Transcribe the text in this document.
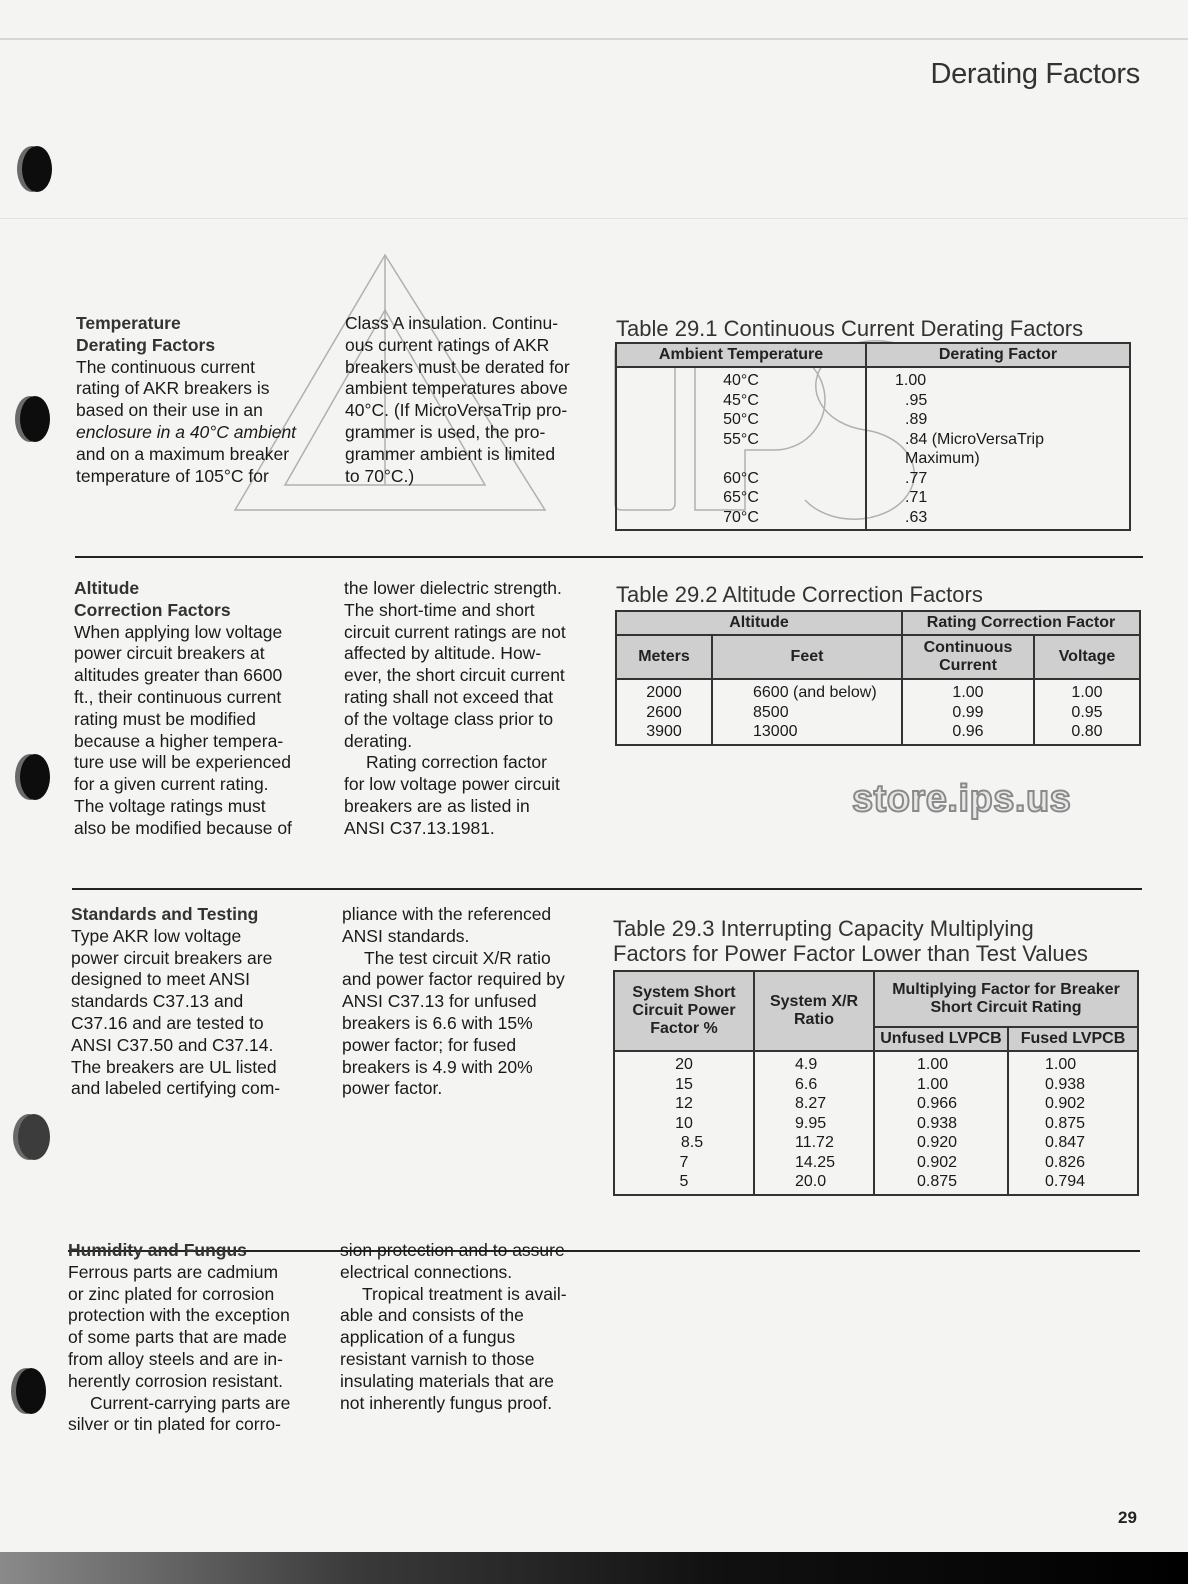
Derating Factors

Temperature

Derating Factors

The continuous current

rating of AKR breakers is

based on their use in an

enclosure in a 40°C ambient

and on a maximum breaker

temperature of 105°C for

Class A insulation. Continu-

ous current ratings of AKR

breakers must be derated for

ambient temperatures above

40°C. (If MicroVersaTrip pro-

grammer is used, the pro-

grammer ambient is limited

to 70°C.)

Table 29.1 Continuous Current Derating Factors
Ambient Temperature	Derating Factor
40°C	1.00
45°C	.95
50°C	.89
55°C	.84 (MicroVersaTrip Maximum)
60°C	.77
65°C	.71
70°C	.63

Altitude

Correction Factors

When applying low voltage

power circuit breakers at

altitudes greater than 6600

ft., their continuous current

rating must be modified

because a higher tempera-

ture use will be experienced

for a given current rating.

The voltage ratings must

also be modified because of

the lower dielectric strength.

The short-time and short

circuit current ratings are not

affected by altitude. How-

ever, the short circuit current

rating shall not exceed that

of the voltage class prior to

derating.

Rating correction factor

for low voltage power circuit

breakers are as listed in

ANSI C37.13.1981.

Table 29.2 Altitude Correction Factors
Altitude		Rating Correction Factor	
Meters	Feet	Continuous Current	Voltage
2000	6600 (and below)	1.00	1.00
2600	8500	0.99	0.95
3900	13000	0.96	0.80
store.ips.us

Standards and Testing

Type AKR low voltage

power circuit breakers are

designed to meet ANSI

standards C37.13 and

C37.16 and are tested to

ANSI C37.50 and C37.14.

The breakers are UL listed

and labeled certifying com-

pliance with the referenced

ANSI standards.

The test circuit X/R ratio

and power factor required by

ANSI C37.13 for unfused

breakers is 6.6 with 15%

power factor; for fused

breakers is 4.9 with 20%

power factor.

Table 29.3 Interrupting Capacity Multiplying
Factors for Power Factor Lower than Test Values
System Short Circuit Power Factor %	System X/R Ratio	Multiplying Factor for Breaker Short Circuit Rating	
		Unfused LVPCB	Fused LVPCB
20	4.9	1.00	1.00
15	6.6	1.00	0.938
12	8.27	0.966	0.902
10	9.95	0.938	0.875
8.5	11.72	0.920	0.847
7	14.25	0.902	0.826
5	20.0	0.875	0.794

Humidity and Fungus

Ferrous parts are cadmium

or zinc plated for corrosion

protection with the exception

of some parts that are made

from alloy steels and are in-

herently corrosion resistant.

Current-carrying parts are

silver or tin plated for corro-

sion protection and to assure

electrical connections.

Tropical treatment is avail-

able and consists of the

application of a fungus

resistant varnish to those

insulating materials that are

not inherently fungus proof.

29
